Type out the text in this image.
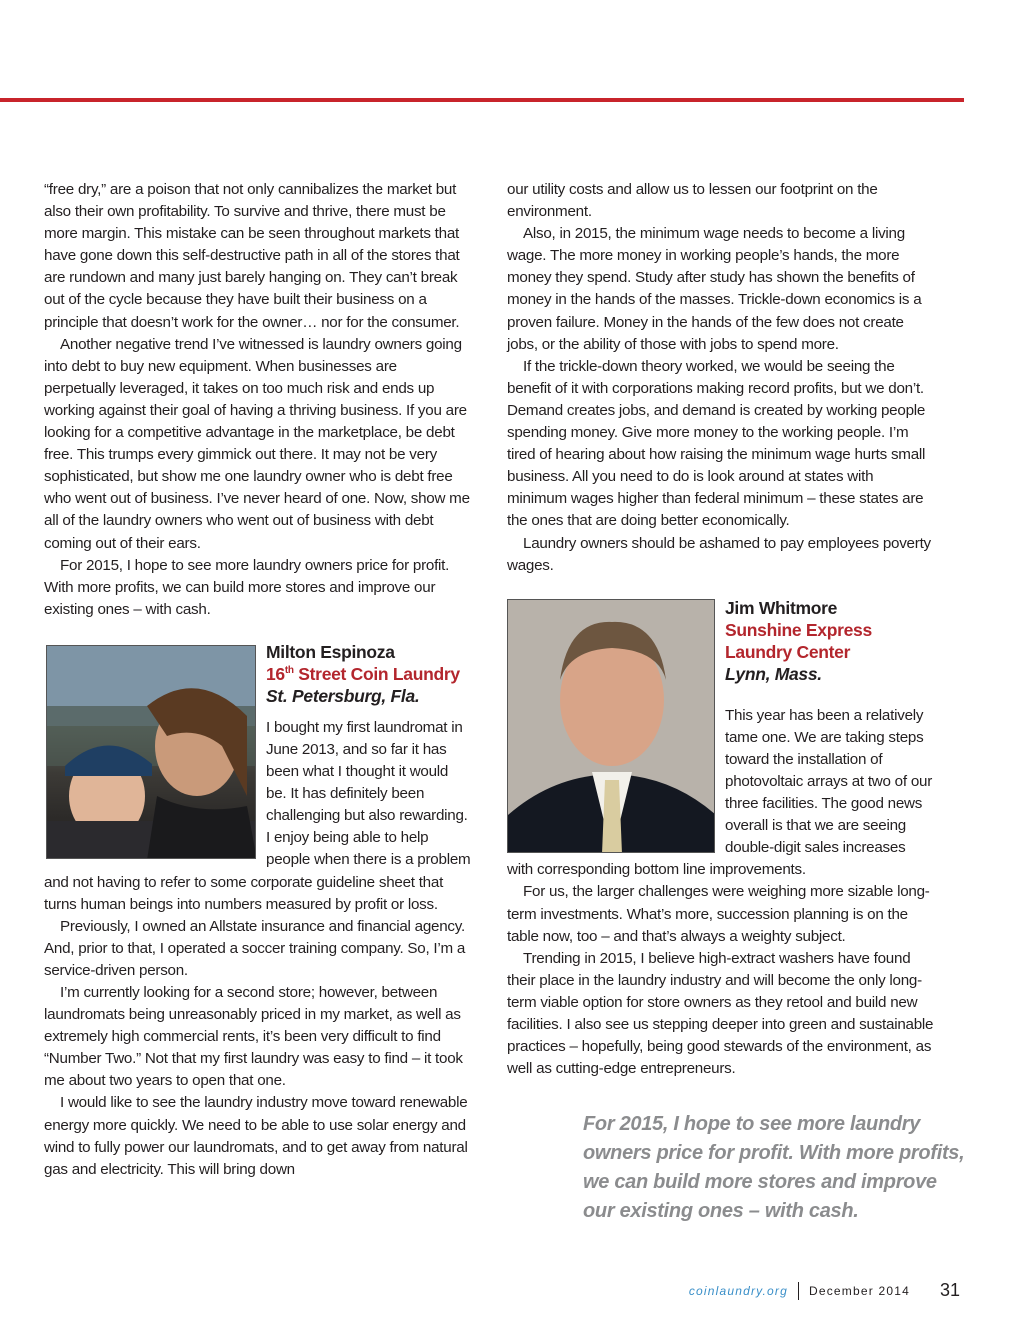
“free dry,” are a poison that not only cannibalizes the market but also their own profitability. To survive and thrive, there must be more margin. This mistake can be seen throughout markets that have gone down this self-destructive path in all of the stores that are rundown and many just barely hanging on. They can’t break out of the cycle because they have built their business on a principle that doesn’t work for the owner… nor for the consumer.

Another negative trend I’ve witnessed is laundry owners going into debt to buy new equipment. When businesses are perpetually leveraged, it takes on too much risk and ends up working against their goal of having a thriving business. If you are looking for a competitive advantage in the marketplace, be debt free. This trumps every gimmick out there. It may not be very sophisticated, but show me one laundry owner who is debt free who went out of business. I’ve never heard of one. Now, show me all of the laundry owners who went out of business with debt coming out of their ears.

For 2015, I hope to see more laundry owners price for profit. With more profits, we can build more stores and improve our existing ones – with cash.

Milton Espinoza
16th Street Coin Laundry
St. Petersburg, Fla.

I bought my first laundromat in June 2013, and so far it has been what I thought it would be. It has definitely been challenging but also rewarding. I enjoy being able to help people when there is a problem and not having to refer to some corporate guideline sheet that turns human beings into numbers measured by profit or loss.

Previously, I owned an Allstate insurance and financial agency. And, prior to that, I operated a soccer training company. So, I’m a service-driven person.

I’m currently looking for a second store; however, between laundromats being unreasonably priced in my market, as well as extremely high commercial rents, it’s been very difficult to find “Number Two.” Not that my first laundry was easy to find – it took me about two years to open that one.

I would like to see the laundry industry move toward renewable energy more quickly. We need to be able to use solar energy and wind to fully power our laundromats, and to get away from natural gas and electricity. This will bring down

our utility costs and allow us to lessen our footprint on the environment.

Also, in 2015, the minimum wage needs to become a living wage. The more money in working people’s hands, the more money they spend. Study after study has shown the benefits of money in the hands of the masses. Trickle-down economics is a proven failure. Money in the hands of the few does not create jobs, or the ability of those with jobs to spend more.

If the trickle-down theory worked, we would be seeing the benefit of it with corporations making record profits, but we don’t. Demand creates jobs, and demand is created by working people spending money. Give more money to the working people. I’m tired of hearing about how raising the minimum wage hurts small business. All you need to do is look around at states with minimum wages higher than federal minimum – these states are the ones that are doing better economically.

Laundry owners should be ashamed to pay employees poverty wages.

Jim Whitmore
Sunshine Express
Laundry Center
Lynn, Mass.

This year has been a relatively tame one. We are taking steps toward the installation of photovoltaic arrays at two of our three facilities. The good news overall is that we are seeing double-digit sales increases with corresponding bottom line improvements.

For us, the larger challenges were weighing more sizable long-term investments. What’s more, succession planning is on the table now, too – and that’s always a weighty subject.

Trending in 2015, I believe high-extract washers have found their place in the laundry industry and will become the only long-term viable option for store owners as they retool and build new facilities. I also see us stepping deeper into green and sustainable practices – hopefully, being good stewards of the environment, as well as cutting-edge entrepreneurs.

For 2015, I hope to see more laundry owners price for profit. With more profits, we can build more stores and improve our existing ones – with cash.
coinlaundry.org December 2014 31
